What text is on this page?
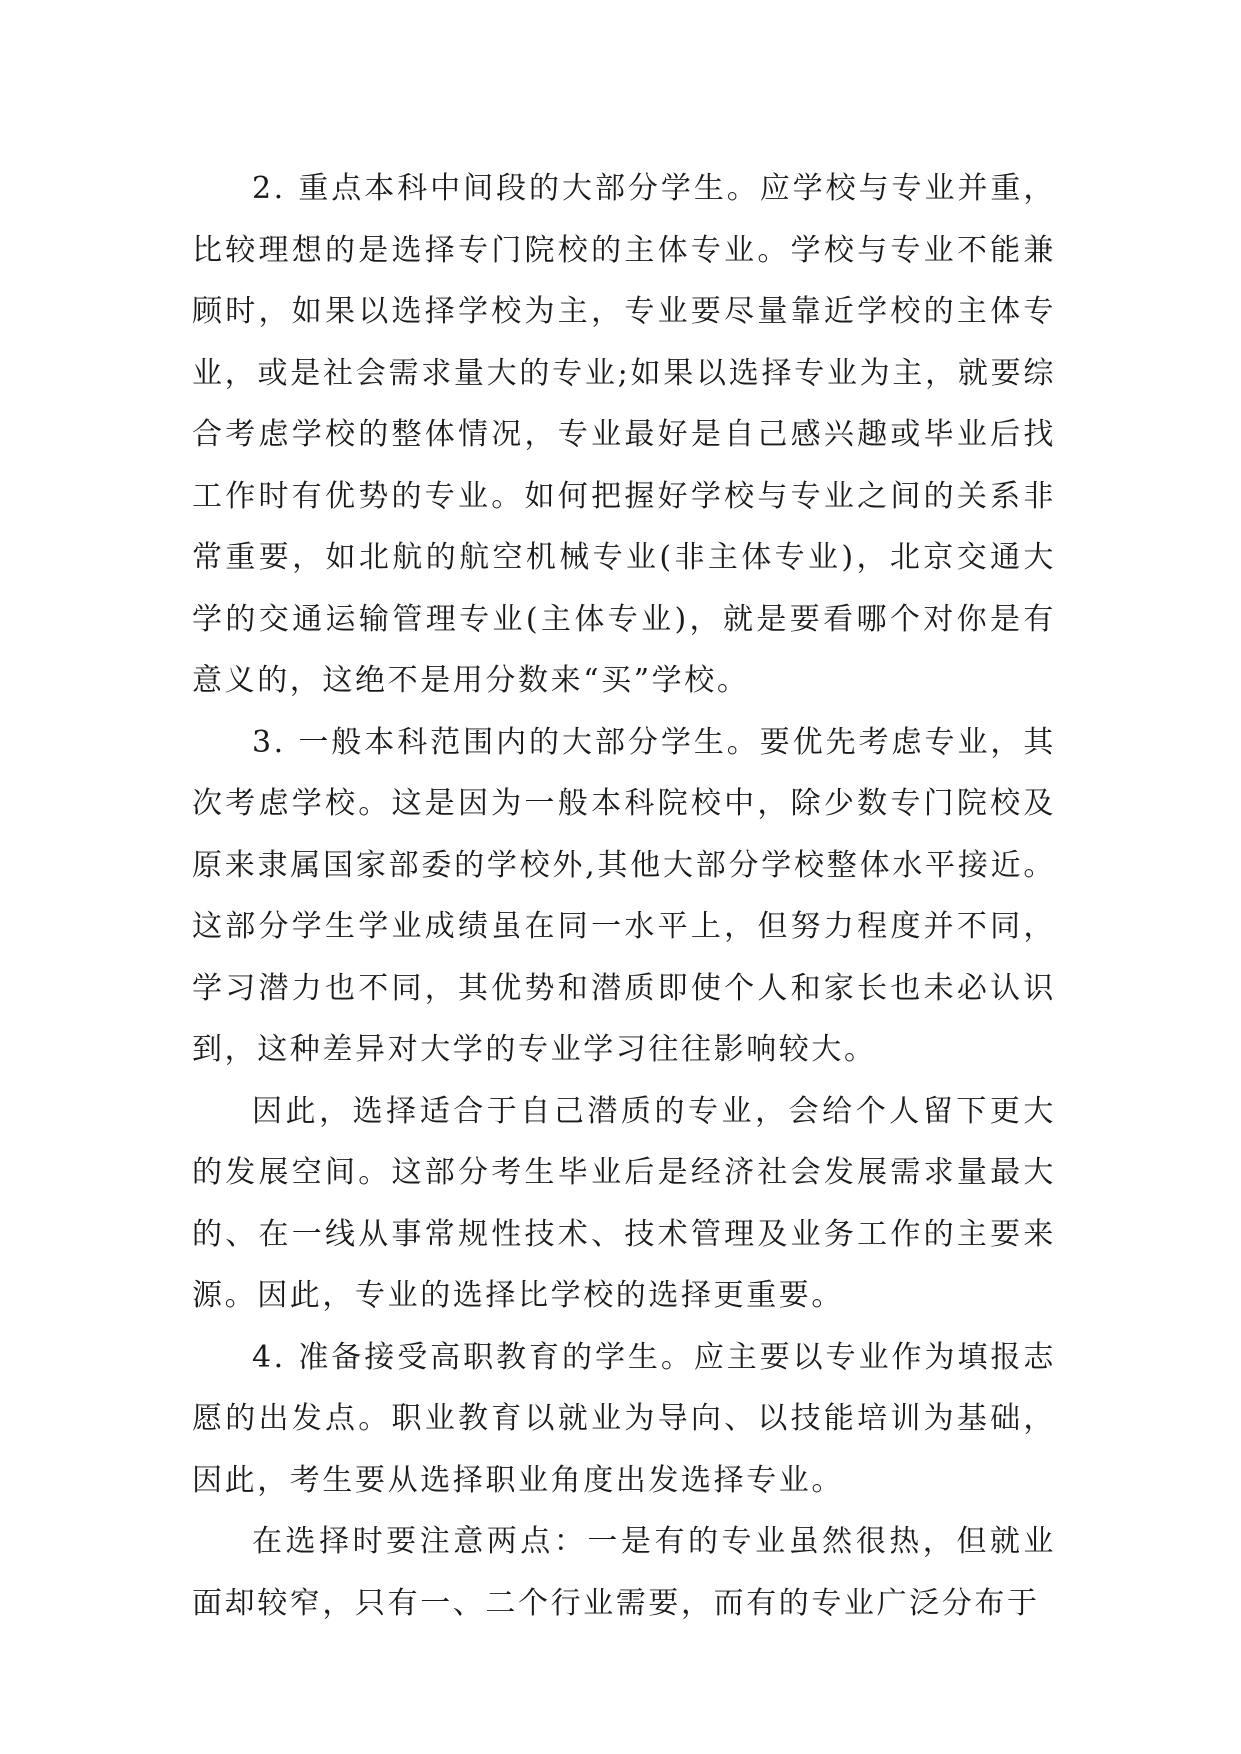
2. 重点本科中间段的大部分学生。应学校与专业并重，比较理想的是选择专门院校的主体专业。学校与专业不能兼顾时，如果以选择学校为主，专业要尽量靠近学校的主体专业，或是社会需求量大的专业;如果以选择专业为主，就要综合考虑学校的整体情况，专业最好是自己感兴趣或毕业后找工作时有优势的专业。如何把握好学校与专业之间的关系非常重要，如北航的航空机械专业(非主体专业)，北京交通大学的交通运输管理专业(主体专业)，就是要看哪个对你是有意义的，这绝不是用分数来“买”学校。

3. 一般本科范围内的大部分学生。要优先考虑专业，其次考虑学校。这是因为一般本科院校中，除少数专门院校及原来隶属国家部委的学校外,其他大部分学校整体水平接近。这部分学生学业成绩虽在同一水平上，但努力程度并不同，学习潜力也不同，其优势和潜质即使个人和家长也未必认识到，这种差异对大学的专业学习往往影响较大。

因此，选择适合于自己潜质的专业，会给个人留下更大的发展空间。这部分考生毕业后是经济社会发展需求量最大的、在一线从事常规性技术、技术管理及业务工作的主要来源。因此，专业的选择比学校的选择更重要。

4. 准备接受高职教育的学生。应主要以专业作为填报志愿的出发点。职业教育以就业为导向、以技能培训为基础，因此，考生要从选择职业角度出发选择专业。

在选择时要注意两点：一是有的专业虽然很热，但就业面却较窄，只有一、二个行业需要，而有的专业广泛分布于
